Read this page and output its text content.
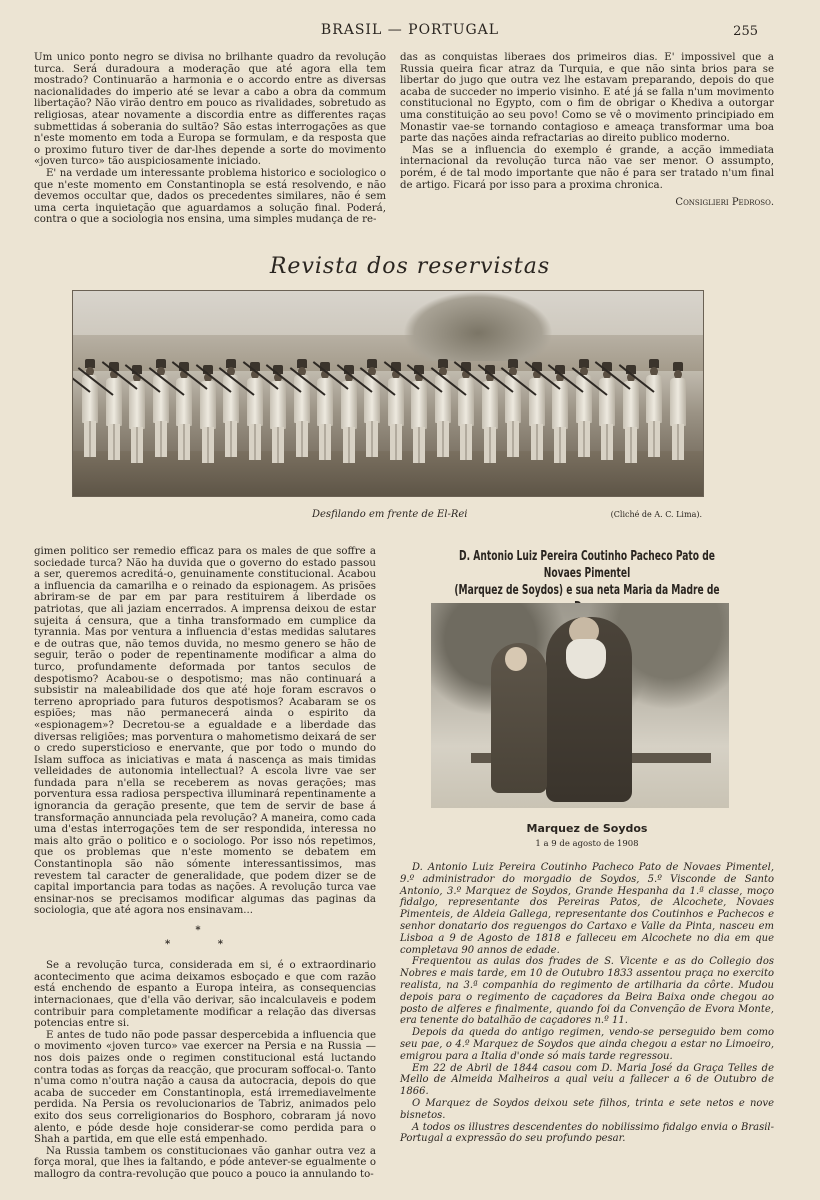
BRASIL — PORTUGAL	255

Um unico ponto negro se divisa no brilhante quadro da revolução turca. Será duradoura a moderação que até agora ella tem mostrado? Continuarão a harmonia e o accordo entre as diversas nacionalidades do imperio até se levar a cabo a obra da commum libertação? Não virão dentro em pouco as rivalidades, sobretudo as religiosas, atear novamente a discordia entre as differentes raças submettidas á soberania do sultão? São estas interrogações as que n'este momento em toda a Europa se formulam, e da resposta que o proximo futuro tiver de dar-lhes depende a sorte do movimento «joven turco» tão auspiciosamente iniciado.

E' na verdade um interessante problema historico e sociologico o que n'este momento em Constantinopla se está resolvendo, e não devemos occultar que, dados os precedentes similares, não é sem uma certa inquietação que aguardamos a solução final. Poderá, contra o que a sociologia nos ensina, uma simples mudança de re-

das as conquistas liberaes dos primeiros dias. E' impossivel que a Russia queira ficar atraz da Turquia, e que não sinta brios para se libertar do jugo que outra vez lhe estavam preparando, depois do que acaba de succeder no imperio visinho. E até já se falla n'um movimento constitucional no Egypto, com o fim de obrigar o Khediva a outorgar uma constituição ao seu povo! Como se vê o movimento principiado em Monastir vae-se tornando contagioso e ameaça transformar uma boa parte das nações ainda refractarias ao direito publico moderno.

Mas se a influencia do exemplo é grande, a acção immediata internacional da revolução turca não vae ser menor. O assumpto, porém, é de tal modo importante que não é para ser tratado n'um final de artigo. Ficará por isso para a proxima chronica.

Consiglieri Pedroso.

Revista dos reservistas
Desfilando em frente de El-Rei	(Cliché de A. C. Lima).

gimen politico ser remedio efficaz para os males de que soffre a sociedade turca? Não ha duvida que o governo do estado passou a ser, queremos acreditá-o, genuinamente constitucional. Acabou a influencia da camarilha e o reinado da espionagem. As prisões abriram-se de par em par para restituirem á liberdade os patriotas, que ali jaziam encerrados. A imprensa deixou de estar sujeita á censura, que a tinha transformado em cumplice da tyrannia. Mas por ventura a influencia d'estas medidas salutares e de outras que, não temos duvida, no mesmo genero se hão de seguir, terão o poder de repentinamente modificar a alma do turco, profundamente deformada por tantos seculos de despotismo? Acabou-se o despotismo; mas não continuará a subsistir na maleabilidade dos que até hoje foram escravos o terreno apropriado para futuros despotismos? Acabaram se os espiões; mas não permanecerá ainda o espirito da «espionagem»? Decretou-se a egualdade e a liberdade das diversas religiões; mas porventura o mahometismo deixará de ser o credo supersticioso e enervante, que por todo o mundo do Islam suffoca as iniciativas e mata á nascença as mais timidas velleidades de autonomia intellectual? A escola livre vae ser fundada para n'ella se receberem as novas gerações; mas porventura essa radiosa perspectiva illuminará repentinamente a ignorancia da geração presente, que tem de servir de base á transformação annunciada pela revolução? A maneira, como cada uma d'estas interrogações tem de ser respondida, interessa no mais alto grão o politico e o sociologo. Por isso nós repetimos, que os problemas que n'este momento se debatem em Constantinopla são não sómente interessantissimos, mas revestem tal caracter de generalidade, que podem dizer se de capital importancia para todas as nações. A revolução turca vae ensinar-nos se precisamos modificar algumas das paginas da sociologia, que até agora nos ensinavam...

*

* *

Se a revolução turca, considerada em si, é o extraordinario acontecimento que acima deixamos esboçado e que com razão está enchendo de espanto a Europa inteira, as consequencias internacionaes, que d'ella vão derivar, são incalculaveis e podem contribuir para completamente modificar a relação das diversas potencias entre si.

E antes de tudo não pode passar despercebida a influencia que o movimento «joven turco» vae exercer na Persia e na Russia — nos dois paizes onde o regimen constitucional está luctando contra todas as forças da reacção, que procuram soffocal-o. Tanto n'uma como n'outra nação a causa da autocracia, depois do que acaba de succeder em Constantinopla, está irremediavelmente perdida. Na Persia os revolucionarios de Tabriz, animados pelo exito dos seus correligionarios do Bosphoro, cobraram já novo alento, e póde desde hoje considerar-se como perdida para o Shah a partida, em que elle está empenhado.

Na Russia tambem os constitucionaes vão ganhar outra vez a força moral, que lhes ia faltando, e póde antever-se egualmente o mallogro da contra-revolução que pouco a pouco ia annulando to-

D. Antonio Luiz Pereira Coutinho Pacheco Pato de Novaes Pimentel
(Marquez de Soydos) e sua neta Maria da Madre de
Marquez de Soydos
1 a 9 de agosto de 1908

D. Antonio Luiz Pereira Coutinho Pacheco Pato de Novaes Pimentel, 9.º administrador do morgadio de Soydos, 5.º Visconde de Santo Antonio, 3.º Marquez de Soydos, Grande Hespanha da 1.ª classe, moço fidalgo, representante dos Pereiras Patos, de Alcochete, Novaes Pimenteis, de Aldeia Gallega, representante dos Coutinhos e Pachecos e senhor donatario dos reguengos do Cartaxo e Valle da Pinta, nasceu em Lisboa a 9 de Agosto de 1818 e falleceu em Alcochete no dia em que completava 90 annos de edade.

Frequentou as aulas dos frades de S. Vicente e as do Collegio dos Nobres e mais tarde, em 10 de Outubro 1833 assentou praça no exercito realista, na 3.ª companhia do regimento de artilharia da côrte. Mudou depois para o regimento de caçadores da Beira Baixa onde chegou ao posto de alferes e finalmente, quando foi da Convenção de Evora Monte, era tenente do batalhão de caçadores n.º 11.

Depois da queda do antigo regimen, vendo-se perseguido bem como seu pae, o 4.º Marquez de Soydos que ainda chegou a estar no Limoeiro, emigrou para a Italia d'onde só mais tarde regressou.

Em 22 de Abril de 1844 casou com D. Maria José da Graça Telles de Mello de Almeida Malheiros a qual veiu a fallecer a 6 de Outubro de 1866.

O Marquez de Soydos deixou sete filhos, trinta e sete netos e nove bisnetos.

A todos os illustres descendentes do nobilissimo fidalgo envia o Brasil-Portugal a expressão do seu profundo pesar.
